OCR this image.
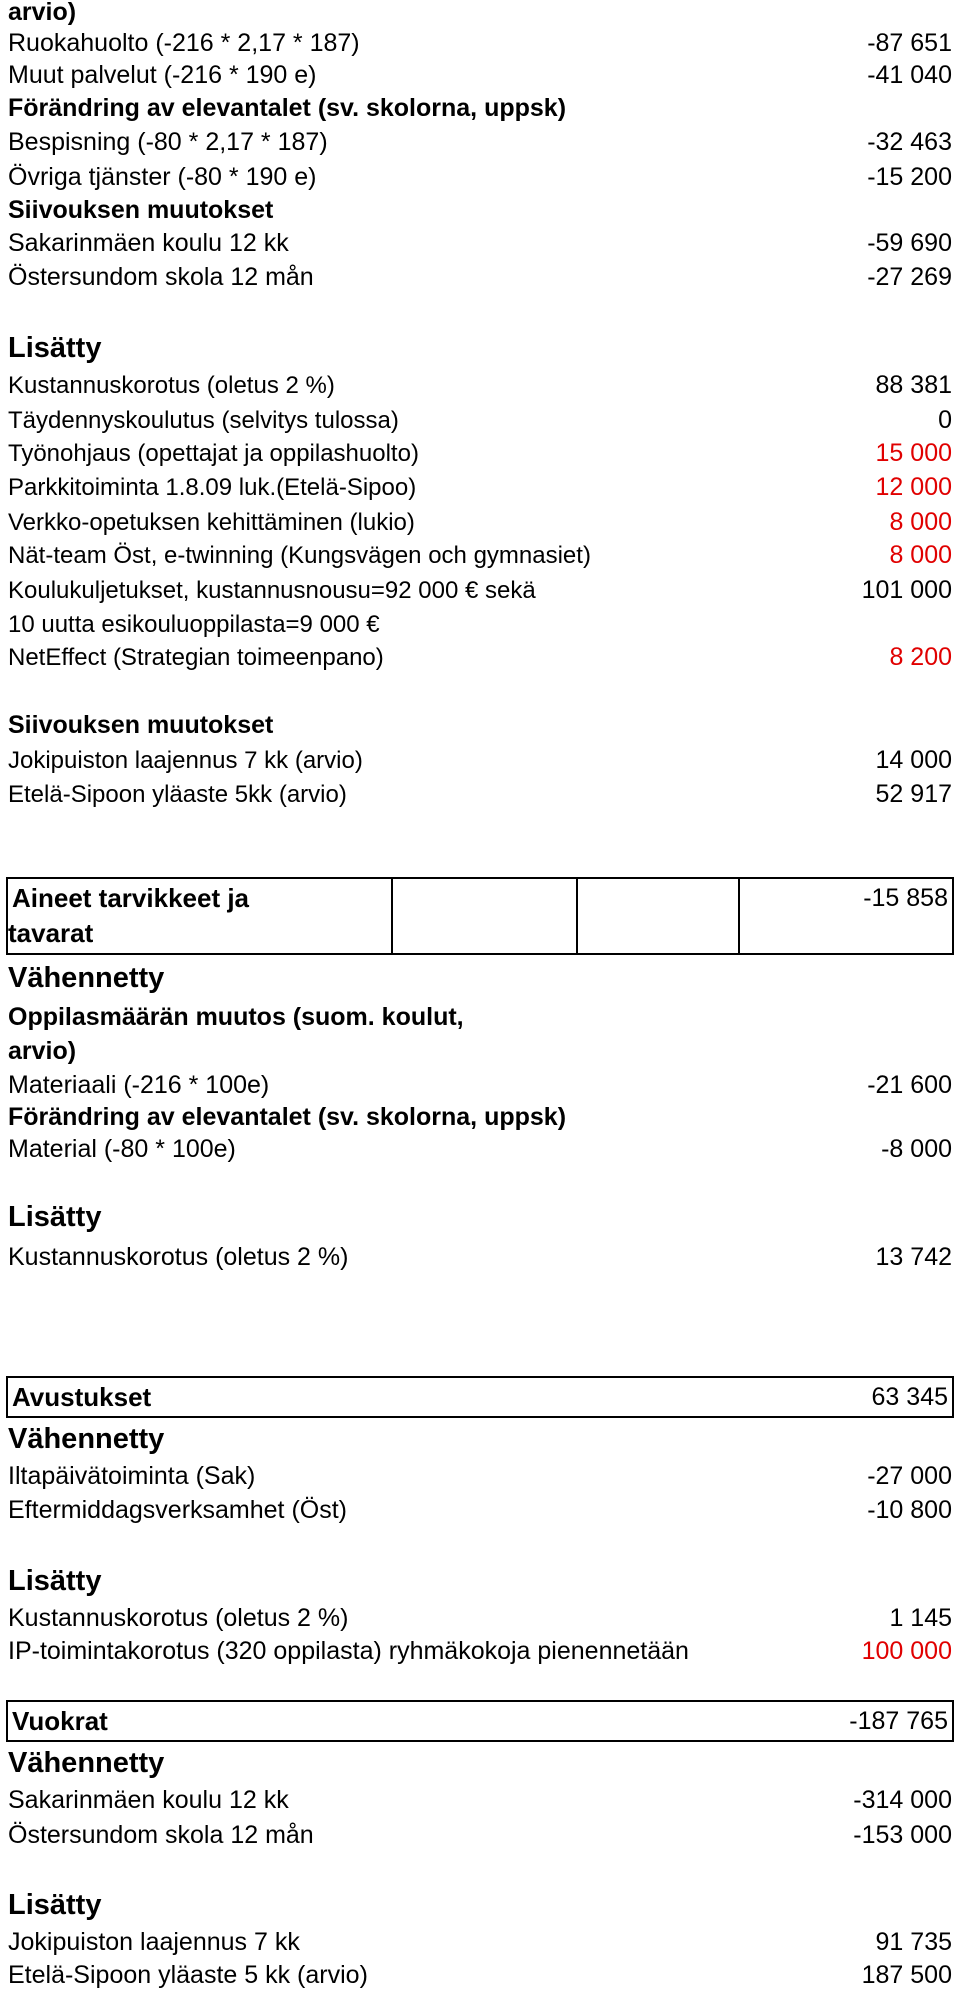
arvio)
Ruokahuolto (-216 * 2,17 * 187)	-87 651
Muut palvelut (-216 * 190 e)	-41 040
Förändring av elevantalet (sv. skolorna, uppsk)
Bespisning (-80 * 2,17 * 187)	-32 463
Övriga tjänster (-80 * 190 e)	-15 200
Siivouksen muutokset
Sakarinmäen koulu 12 kk	-59 690
Östersundom skola 12 mån	-27 269
Lisätty
Kustannuskorotus (oletus 2 %)	88 381
Täydennyskoulutus (selvitys tulossa)	0
Työnohjaus (opettajat ja oppilashuolto)	15 000
Parkkitoiminta 1.8.09 luk.(Etelä-Sipoo)	12 000
Verkko-opetuksen kehittäminen (lukio)	8 000
Nät-team Öst, e-twinning (Kungsvägen och gymnasiet)	8 000
Koulukuljetukset, kustannusnousu=92 000 € sekä	101 000
10 uutta esikouluoppilasta=9 000 €
NetEffect (Strategian toimeenpano)	8 200
Siivouksen muutokset
Jokipuiston laajennus 7 kk (arvio)	14 000
Etelä-Sipoon yläaste 5kk (arvio)	52 917
Aineet tarvikkeet ja	-15 858
tavarat
Vähennetty
Oppilasmäärän muutos (suom. koulut,
arvio)
Materiaali (-216 * 100e)	-21 600
Förändring av elevantalet (sv. skolorna, uppsk)
Material (-80 * 100e)	-8 000
Lisätty
Kustannuskorotus (oletus 2 %)	13 742
Avustukset	63 345
Vähennetty
Iltapäivätoiminta (Sak)	-27 000
Eftermiddagsverksamhet (Öst)	-10 800
Lisätty
Kustannuskorotus (oletus 2 %)	1 145
IP-toimintakorotus (320 oppilasta) ryhmäkokoja pienennetään	100 000
Vuokrat	-187 765
Vähennetty
Sakarinmäen koulu 12 kk	-314 000
Östersundom skola 12 mån	-153 000
Lisätty
Jokipuiston laajennus 7 kk	91 735
Etelä-Sipoon yläaste 5 kk (arvio)	187 500
